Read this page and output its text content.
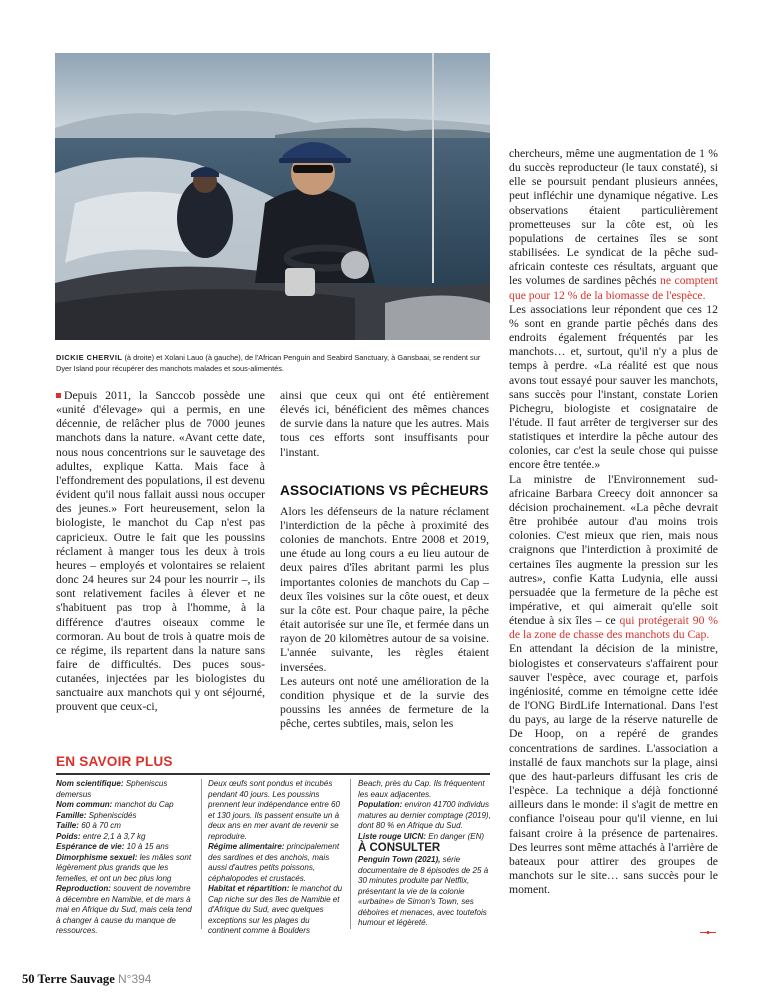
DICKIE CHERVIL (à droite) et Xolani Lauo (à gauche), de l'African Penguin and Seabird Sanctuary, à Gansbaai, se rendent sur Dyer Island pour récupérer des manchots malades et sous-alimentés.

Depuis 2011, la Sanccob possède une «unité d'élevage» qui a permis, en une décennie, de relâcher plus de 7000 jeunes manchots dans la nature. «Avant cette date, nous nous concentrions sur le sauvetage des adultes, explique Katta. Mais face à l'effondrement des populations, il est devenu évident qu'il nous fallait aussi nous occuper des jeunes.» Fort heureusement, selon la biologiste, le manchot du Cap n'est pas capricieux. Outre le fait que les poussins réclament à manger tous les deux à trois heures – employés et volontaires se relaient donc 24 heures sur 24 pour les nourrir –, ils sont relativement faciles à élever et ne s'habituent pas trop à l'homme, à la différence d'autres oiseaux comme le cormoran. Au bout de trois à quatre mois de ce régime, ils repartent dans la nature sans faire de difficultés. Des puces sous-cutanées, injectées par les biologistes du sanctuaire aux manchots qui y ont séjourné, prouvent que ceux-ci,

ainsi que ceux qui ont été entièrement élevés ici, bénéficient des mêmes chances de survie dans la nature que les autres. Mais tous ces efforts sont insuffisants pour l'instant.

ASSOCIATIONS VS PÊCHEURS

Alors les défenseurs de la nature réclament l'interdiction de la pêche à proximité des colonies de manchots. Entre 2008 et 2019, une étude au long cours a eu lieu autour de deux paires d'îles abritant parmi les plus importantes colonies de manchots du Cap – deux îles voisines sur la côte ouest, et deux sur la côte est. Pour chaque paire, la pêche était autorisée sur une île, et fermée dans un rayon de 20 kilomètres autour de sa voisine. L'année suivante, les règles étaient inversées.

Les auteurs ont noté une amélioration de la condition physique et de la survie des poussins les années de fermeture de la pêche, certes subtiles, mais, selon les

chercheurs, même une augmentation de 1 % du succès reproducteur (le taux constaté), si elle se poursuit pendant plusieurs années, peut infléchir une dynamique négative. Les observations étaient particulièrement prometteuses sur la côte est, où les populations de certaines îles se sont stabilisées. Le syndicat de la pêche sud-africain conteste ces résultats, arguant que les volumes de sardines pêchés ne comptent que pour 12 % de la biomasse de l'espèce.

Les associations leur répondent que ces 12 % sont en grande partie pêchés dans des endroits également fréquentés par les manchots… et, surtout, qu'il n'y a plus de temps à perdre. «La réalité est que nous avons tout essayé pour sauver les manchots, sans succès pour l'instant, constate Lorien Pichegru, biologiste et cosignataire de l'étude. Il faut arrêter de tergiverser sur des statistiques et interdire la pêche autour des colonies, car c'est la seule chose qui puisse encore être tentée.»

La ministre de l'Environnement sud-africaine Barbara Creecy doit annoncer sa décision prochainement. «La pêche devrait être prohibée autour d'au moins trois colonies. C'est mieux que rien, mais nous craignons que l'interdiction à proximité de certaines îles augmente la pression sur les autres», confie Katta Ludynia, elle aussi persuadée que la fermeture de la pêche est impérative, et qui aimerait qu'elle soit étendue à six îles – ce qui protégerait 90 % de la zone de chasse des manchots du Cap.

En attendant la décision de la ministre, biologistes et conservateurs s'affairent pour sauver l'espèce, avec courage et, parfois ingéniosité, comme en témoigne cette idée de l'ONG BirdLife International. Dans l'est du pays, au large de la réserve naturelle de De Hoop, on a repéré de grandes concentrations de sardines. L'association a installé de faux manchots sur la plage, ainsi que des haut-parleurs diffusant les cris de l'espèce. La technique a déjà fonctionné ailleurs dans le monde: il s'agit de mettre en confiance l'oiseau pour qu'il vienne, en lui faisant croire à la présence de partenaires. Des leurres sont même attachés à l'arrière de bateaux pour attirer des groupes de manchots sur le site… sans succès pour le moment.

EN SAVOIR PLUS

Nom scientifique: Spheniscus demersus

Nom commun: manchot du Cap

Famille: Spheniscidés

Taille: 60 à 70 cm

Poids: entre 2,1 à 3,7 kg

Espérance de vie: 10 à 15 ans

Dimorphisme sexuel: les mâles sont légèrement plus grands que les femelles, et ont un bec plus long

Reproduction: souvent de novembre à décembre en Namibie, et de mars à mai en Afrique du Sud, mais cela tend à changer à cause du manque de ressources.

Deux œufs sont pondus et incubés pendant 40 jours. Les poussins prennent leur indépendance entre 60 et 130 jours. Ils passent ensuite un à deux ans en mer avant de revenir se reproduire.

Régime alimentaire: principalement des sardines et des anchois, mais aussi d'autres petits poissons, céphalopodes et crustacés.

Habitat et répartition: le manchot du Cap niche sur des îles de Namibie et d'Afrique du Sud, avec quelques exceptions sur les plages du continent comme à Boulders

Beach, près du Cap. Ils fréquentent les eaux adjacentes.

Population: environ 41700 individus matures au dernier comptage (2019), dont 80 % en Afrique du Sud.

Liste rouge UICN: En danger (EN)

À CONSULTER

Penguin Town (2021), série documentaire de 8 épisodes de 25 à 30 minutes produite par Netflix, présentant la vie de la colonie «urbaine» de Simon's Town, ses déboires et menaces, avec toutefois humour et légèreté.

50 Terre Sauvage N°394
